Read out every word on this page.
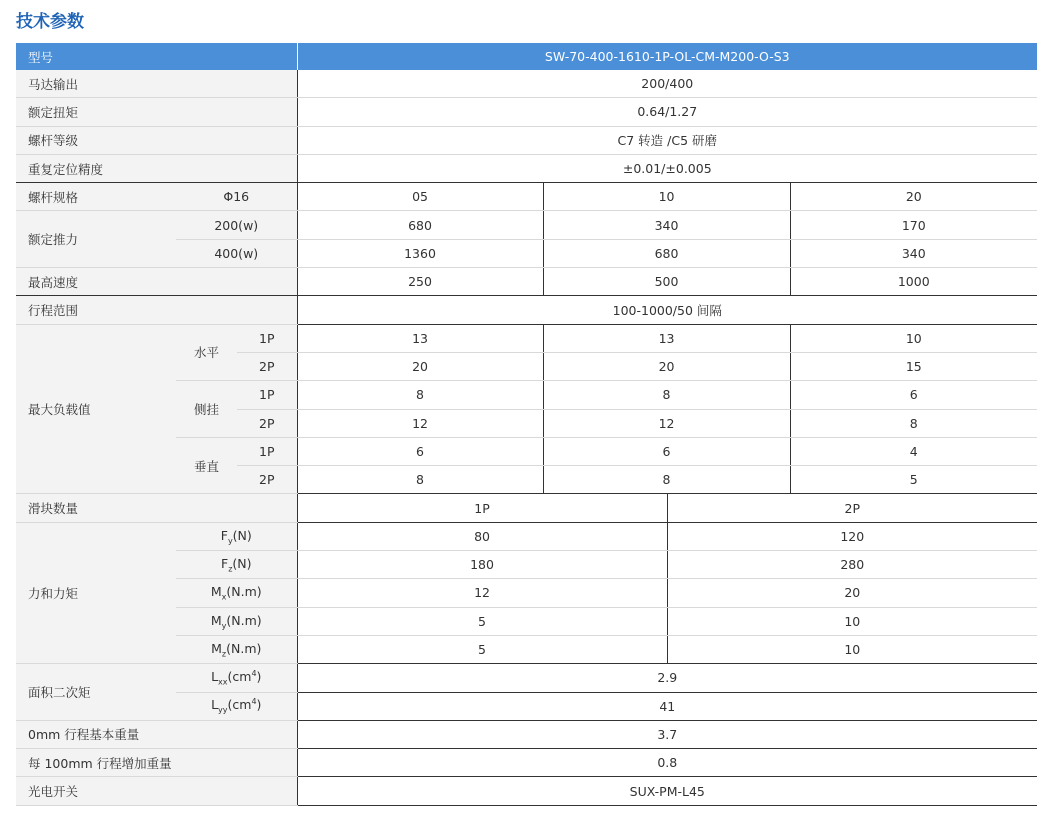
技术参数
型号			SW-70-400-1610-1P-OL-CM-M200-O-S3			
马达输出			200/400			
额定扭矩			0.64/1.27			
螺杆等级			C7 转造 /C5 研磨			
重复定位精度			±0.01/±0.005			
螺杆规格	Φ16		05	10		20
额定推力	200(w)		680	340		170
	400(w)		1360	680		340
最高速度			250	500		1000
行程范围			100-1000/50 间隔			
最大负载值	水平	1P	13	13		10
		2P	20	20		15
	侧挂	1P	8	8		6
		2P	12	12		8
	垂直	1P	6	6		4
		2P	8	8		5
滑块数量			1P		2P	
力和力矩	$F_y(N)$		80		120	
	$F_z(N)$		180		280	
	$M_x(N.m)$		12		20	
	$M_y(N.m)$		5		10	
	$M_z(N.m)$		5		10	
面积二次矩	$L_{xx}(cm^4)$		2.9			
	$L_{yy}(cm^4)$		41			
0mm 行程基本重量			3.7			
每 100mm 行程增加重量			0.8			
光电开关			SUX-PM-L45			
